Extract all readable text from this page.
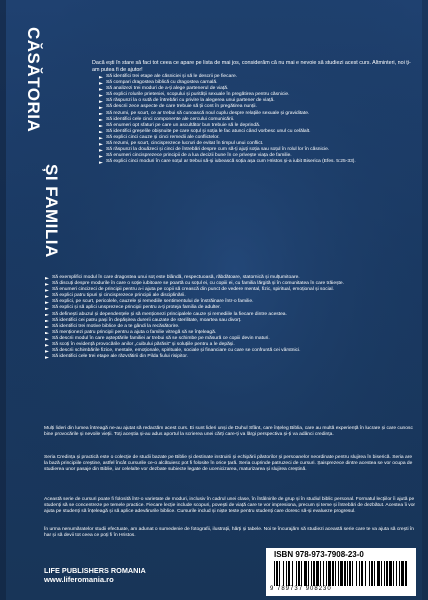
CĂSĂTORIA
ȘI FAMILIA
Dacă ești în stare să faci tot ceea ce apare pe lista de mai jos, considerăm că nu mai e nevoie să studiezi acest curs. Altminteri, noi ți-am putea fi de ajutor!
Să identifici trei etape ale căsniciei și să le descrii pe fiecare.
Să compari dragostea biblică cu dragostea carnală.
Să analizezi trei moduri de a-ți alege partenerul de viață.
Să explici rolurile prieteniei, scopului și purității sexuale în pregătirea pentru căsnicie.
Să răspunzi la o sută de întrebări cu privire la alegerea unui partener de viață.
Să descrii zece aspecte de care trebuie să ții cont în pregătirea nunții.
Să rezumi, pe scurt, ce ar trebui să cunoască noul cuplu despre relațiile sexuale și graviditate.
Să identifici cele cinci componente ale cercului comunicării.
Să enumeri opt sfaturi pe care un ascultător bun trebuie să le deprindă.
Să identifici greșelile obișnuite pe care soțul și soția le fac atunci când vorbesc unul cu celălalt.
Să explici cinci cauze și cinci remedii ale conflictelor.
Să rezumi, pe scurt, cincisprezece lucruri de evitat în timpul unui conflict.
Să răspunzi la douăzeci și cinci de întrebări despre cum să-ți ajuți soția sau soțul în rolul lor în căsnicie.
Să enumeri cincisprezece principii de a lua decizii bune în ce privește viața de familie.
Să explici cinci moduri în care soțul ar trebui să-și iubească soția așa cum Hristos și-a iubit Biserica (Efes. 5:25-33).
Să exemplifici modul în care dragostea unui soț este blândă, respectuoasă, răbdătoare, statornică și mulțumitoare.
Să discuți despre modurile în care o soție iubitoare se poartă cu soțul ei, cu copiii ei, cu familia lărgită și în comunitatea în care trăiește.
Să enumeri cincizeci de principii pentru a-i ajuta pe copii să crească din punct de vedere mental, fizic, spiritual, emoțional și social.
Să explici patru tipuri și cincisprezece principii ale disciplinării.
Să explici, pe scurt, pericolele, cauzele și remediile sentimentului de înstrăinare într-o familie.
Să explici și să aplici unsprezece principii pentru a-ți proteja familia de adulter.
Să definești abuzul și dependențele și să menționezi principalele cauze și remediile la fiecare dintre acestea.
Să identifici cei patru pași în depășirea durerii cauzate de sterilitate, moartea sau divorț.
Să identifici trei motive biblice de a te gândi la recăsătorire.
Să menționezi patru principii pentru a ajuta o familie vitregă să se înțeleagă.
Să descrii modul în care așteptările familiei ar trebui să se schimbe pe măsură ce copiii devin maturi.
Să scoți în evidență provocările anilor „cuibului părăsit” și soluțiile pentru a le depăși.
Să descrii schimbările fizice, mentale, emoționale, spirituale, sociale și financiare cu care se confruntă cei vârstnici.
Să identifici cele trei etape ale răzvrătirii din Pilda fiului risipitor.

Mulți lideri din lumea întreagă ne-au ajutat să redactăm acest curs. Ei sunt lideri unși de Duhul Sfânt, care înțeleg Biblia, care au multă experiență în lucrare și care cunosc bine provocările și nevoile vieții. Toți aceștia și-au adus aportul la scrierea unei cărți care-ți va lărgi perspectiva și-ți va adânci credința.

Seria Credința și practică este o colecție de studii bazate pe Biblie și destinate instruirii și echipării păstorilor și persoanelor neordinate pentru slujirea în biserică. Seria are la bază principiile creștine, astfel încât cursurile ce-o alcătuiesc pot fi folosite în orice țară. Seria cuprinde patruzeci de cursuri. Șaisprezece dintre acestea se vor ocupa de studierea unor pasaje din Biblie, iar celelalte vor dezbate subiecte legate de ucenicizarea, maturizarea și slujirea creștină.

Această serie de cursuri poate fi folosită într-o varietate de moduri, inclusiv în cadrul unei clase, în întâlnirile de grup și în studiul biblic personal. Formatul lecțiilor îi ajută pe studenți să se concentreze pe temele practice. Fiecare lecție include scopuri, povești de viață care te vor impresiona, precum și teme și întrebări de dezbătut. Acestea îi vor ajuta pe studenți să înțeleagă și să aplice adevărurile biblice. Cursurile includ și niște teste pentru studenți care doresc să-și evalueze progresul.

În urma nenumăratelor studii efectuate, am adunat o sumedenie de fotografii, ilustrații, hărți și tabele. Noi te încurajăm să studiezi această serie care te va ajuta să crești în har și să devii tot ceea ce poți fi în Hristos.

LIFE PUBLISHERS ROMANIA
www.liferomania.ro
ISBN 978-973-7908-23-0
9 789737 908230
